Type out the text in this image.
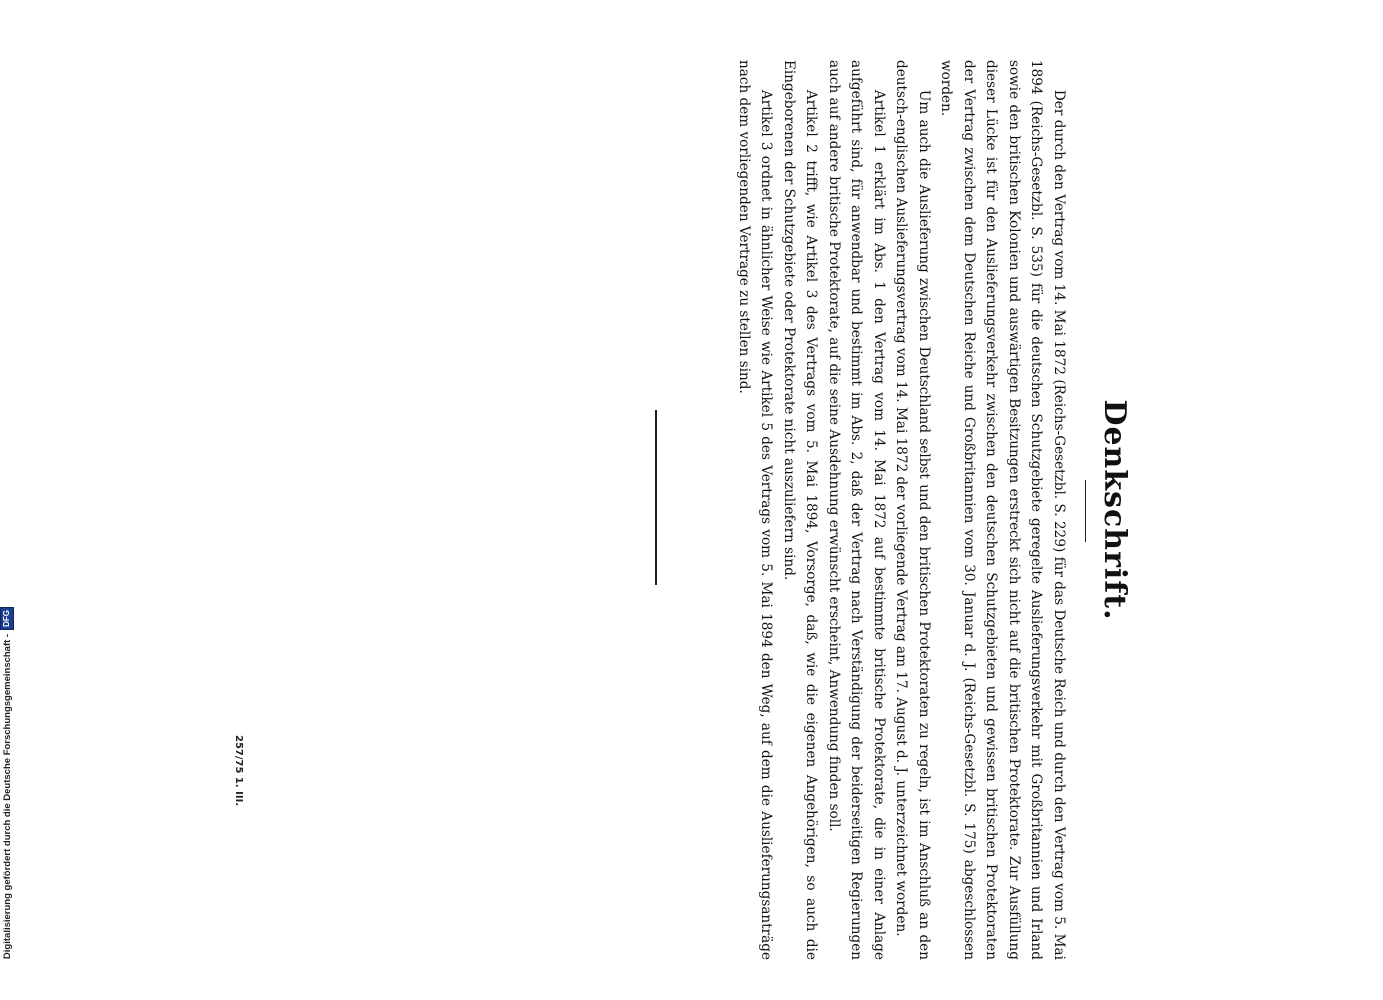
Denkschrift.

Der durch den Vertrag vom 14. Mai 1872 (Reichs-Gesetzbl. S. 229) für das Deutsche Reich und durch den Vertrag vom 5. Mai 1894 (Reichs-Gesetzbl. S. 535) für die deutschen Schutzgebiete geregelte Auslieferungsverkehr mit Großbritannien und Irland sowie den britischen Kolonien und auswärtigen Besitzungen erstreckt sich nicht auf die britischen Protektorate. Zur Ausfüllung dieser Lücke ist für den Auslieferungsverkehr zwischen den deutschen Schutzgebieten und gewissen britischen Protektoraten der Vertrag zwischen dem Deutschen Reiche und Großbritannien vom 30. Januar d. J. (Reichs-Gesetzbl. S. 175) abgeschlossen worden.

Um auch die Auslieferung zwischen Deutschland selbst und den britischen Protektoraten zu regeln, ist im Anschluß an den deutsch-englischen Auslieferungsvertrag vom 14. Mai 1872 der vorliegende Vertrag am 17. August d. J. unterzeichnet worden.

Artikel 1 erklärt im Abs. 1 den Vertrag vom 14. Mai 1872 auf bestimmte britische Protektorate, die in einer Anlage aufgeführt sind, für anwendbar und bestimmt im Abs. 2, daß der Vertrag nach Verständigung der beiderseitigen Regierungen auch auf andere britische Protektorate, auf die seine Ausdehnung erwünscht erscheint, Anwendung finden soll.

Artikel 2 trifft, wie Artikel 3 des Vertrags vom 5. Mai 1894, Vorsorge, daß, wie die eigenen Angehörigen, so auch die Eingeborenen der Schutzgebiete oder Protektorate nicht auszuliefern sind.

Artikel 3 ordnet in ähnlicher Weise wie Artikel 5 des Vertrags vom 5. Mai 1894 den Weg, auf dem die Auslieferungsanträge nach dem vorliegenden Vertrage zu stellen sind.

257/75 1. III.
Digitalisierung gefördert durch die Deutsche Forschungsgemeinschaft -
DFG
